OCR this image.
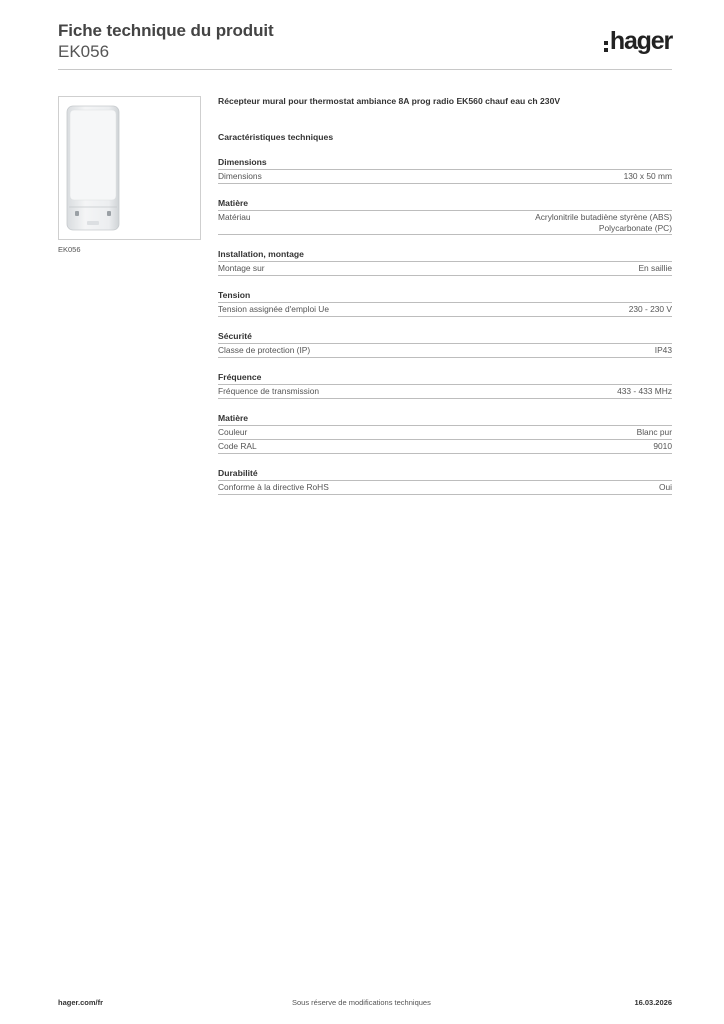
Fiche technique du produit
EK056	hager
EK056
Récepteur mural pour thermostat ambiance 8A prog radio EK560 chauf eau ch 230V
Caractéristiques techniques
Dimensions
Dimensions	130 x 50 mm
Matière
Matériau	Acrylonitrile butadiène styrène (ABS)
Polycarbonate (PC)
Installation, montage
Montage sur	En saillie
Tension
Tension assignée d'emploi Ue	230 - 230 V
Sécurité
Classe de protection (IP)	IP43
Fréquence
Fréquence de transmission	433 - 433 MHz
Matière
Couleur	Blanc pur
Code RAL	9010
Durabilité
Conforme à la directive RoHS	Oui
hager.com/fr	Sous réserve de modifications techniques	16.03.2026
